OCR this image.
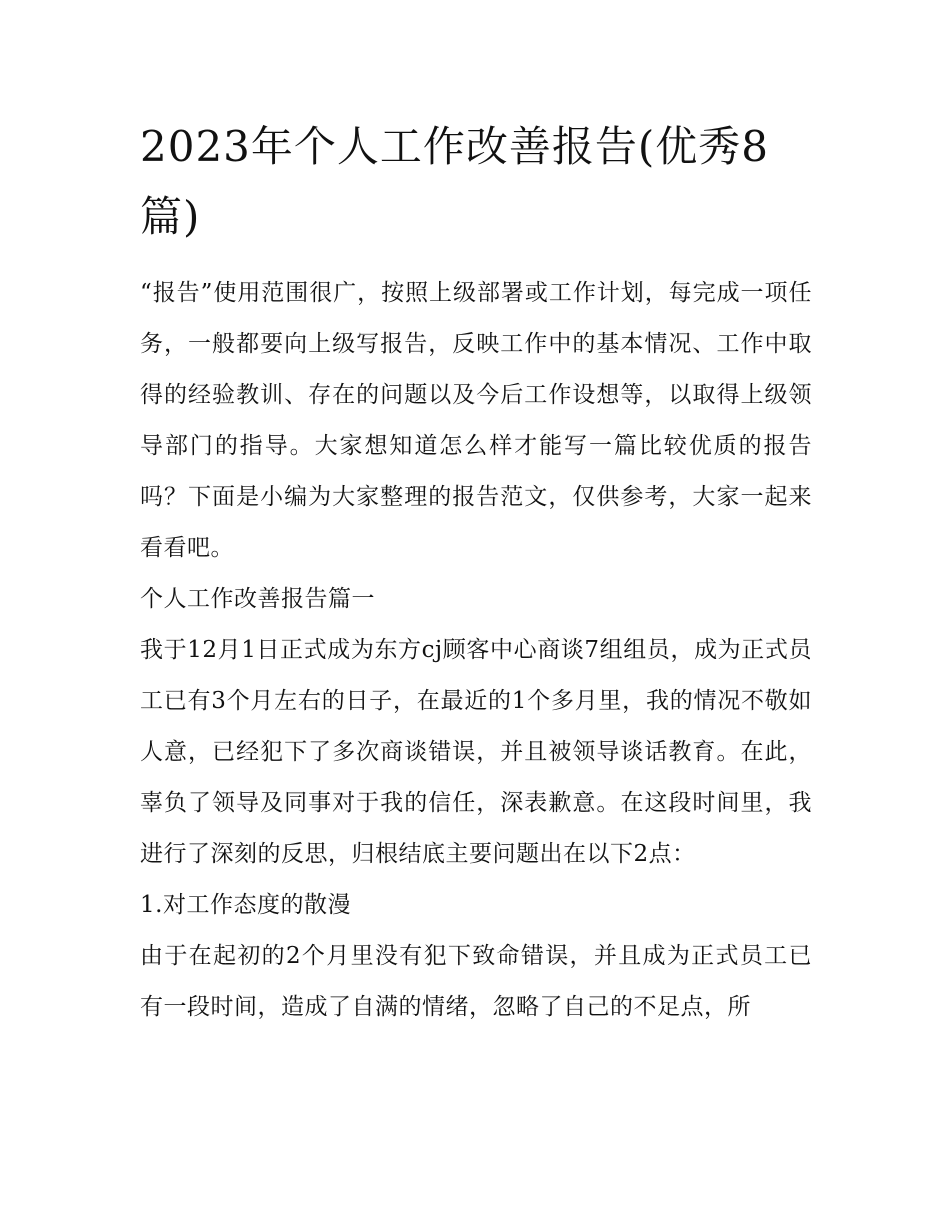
2023年个人工作改善报告(优秀8篇)

“报告”使用范围很广，按照上级部署或工作计划，每完成一项任务，一般都要向上级写报告，反映工作中的基本情况、工作中取得的经验教训、存在的问题以及今后工作设想等，以取得上级领导部门的指导。大家想知道怎么样才能写一篇比较优质的报告吗？下面是小编为大家整理的报告范文，仅供参考，大家一起来看看吧。

个人工作改善报告篇一

我于12月1日正式成为东方cj顾客中心商谈7组组员，成为正式员工已有3个月左右的日子，在最近的1个多月里，我的情况不敬如人意，已经犯下了多次商谈错误，并且被领导谈话教育。在此，辜负了领导及同事对于我的信任，深表歉意。在这段时间里，我进行了深刻的反思，归根结底主要问题出在以下2点：

1.对工作态度的散漫

由于在起初的2个月里没有犯下致命错误，并且成为正式员工已有一段时间，造成了自满的情绪，忽略了自己的不足点，所
